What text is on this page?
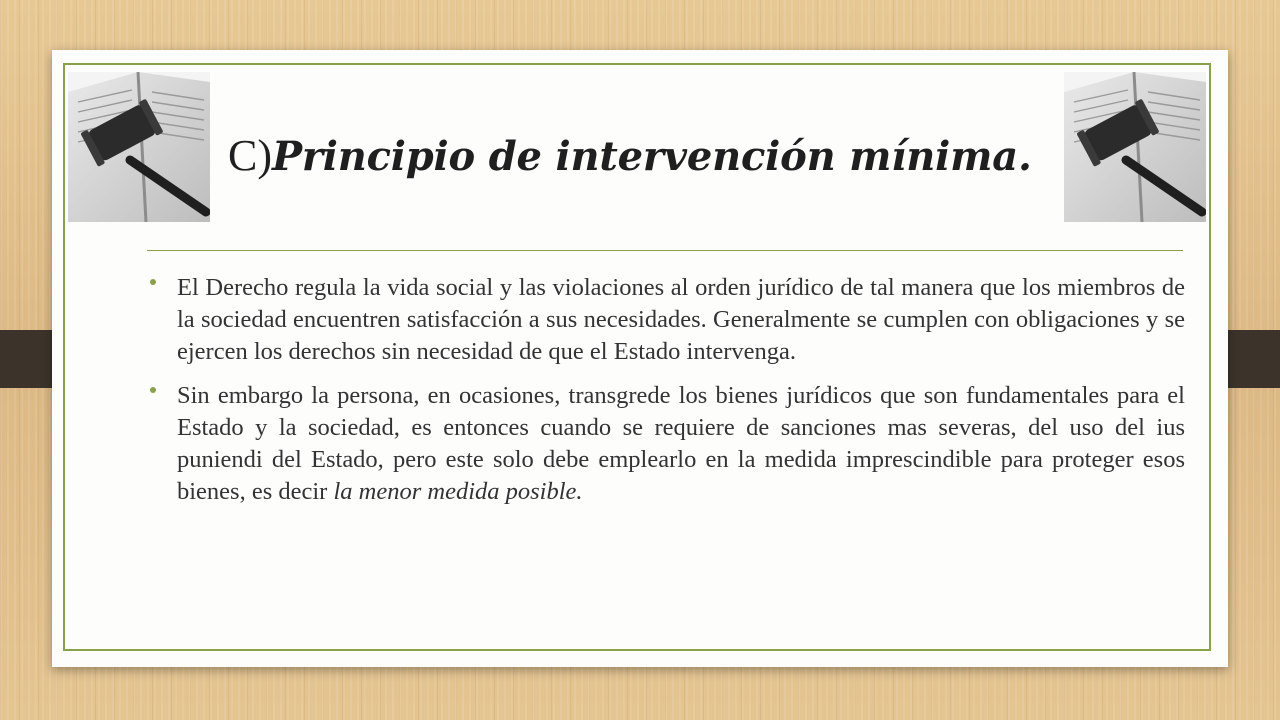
C)Principio de intervención mínima.
El Derecho regula la vida social y las violaciones al orden jurídico de tal manera que los miembros de la sociedad encuentren satisfacción a sus necesidades. Generalmente se cumplen con obligaciones y se ejercen los derechos sin necesidad de que el Estado intervenga.
Sin embargo la persona, en ocasiones, transgrede los bienes jurídicos que son fundamentales para el Estado y la sociedad, es entonces cuando se requiere de sanciones mas severas, del uso del ius puniendi del Estado, pero este solo debe emplearlo en la medida imprescindible para proteger esos bienes, es decir la menor medida posible.
